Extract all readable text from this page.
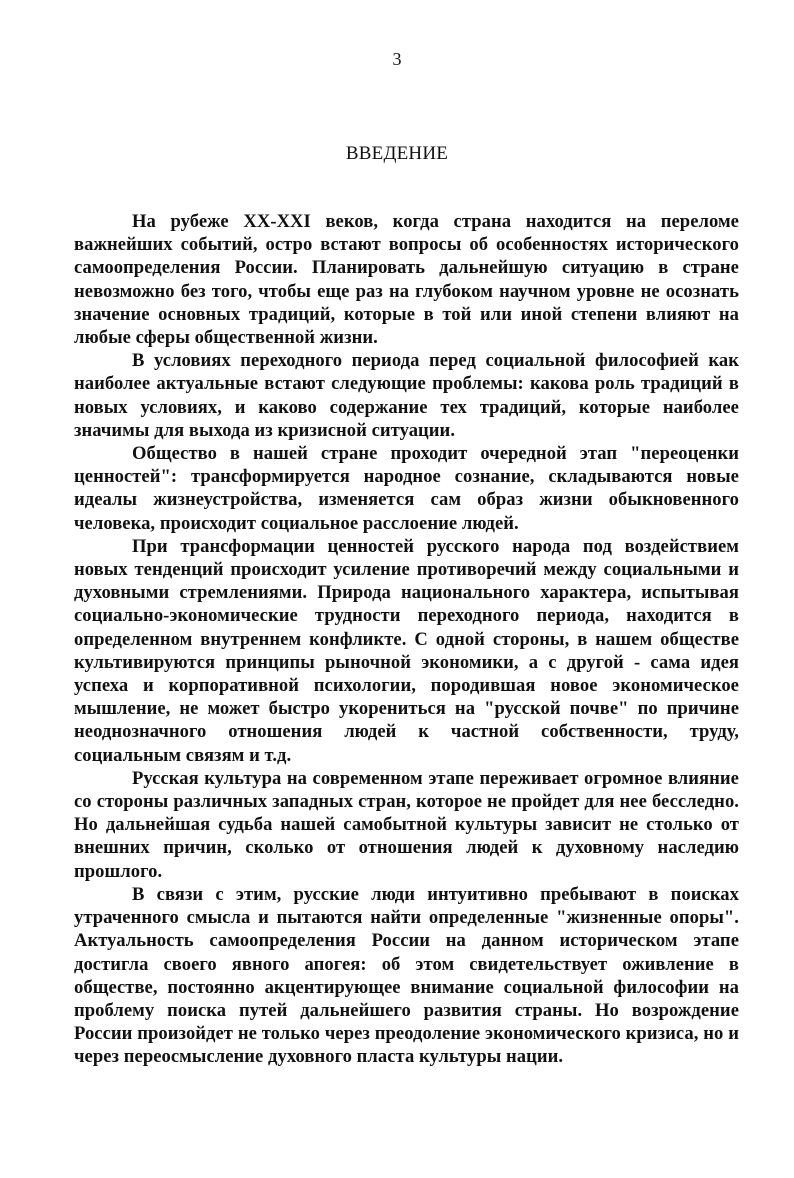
3
ВВЕДЕНИЕ

На рубеже XX-XXI веков, когда страна находится на переломе важнейших событий, остро встают вопросы об особенностях исторического самоопределения России. Планировать дальнейшую ситуацию в стране невозможно без того, чтобы еще раз на глубоком научном уровне не осознать значение основных традиций, которые в той или иной степени влияют на любые сферы общественной жизни.

В условиях переходного периода перед социальной философией как наиболее актуальные встают следующие проблемы: какова роль традиций в новых условиях, и каково содержание тех традиций, которые наиболее значимы для выхода из кризисной ситуации.

Общество в нашей стране проходит очередной этап "переоценки ценностей": трансформируется народное сознание, складываются новые идеалы жизнеустройства, изменяется сам образ жизни обыкновенного человека, происходит социальное расслоение людей.

При трансформации ценностей русского народа под воздействием новых тенденций происходит усиление противоречий между социальными и духовными стремлениями. Природа национального характера, испытывая социально-экономические трудности переходного периода, находится в определенном внутреннем конфликте. С одной стороны, в нашем обществе культивируются принципы рыночной экономики, а с другой - сама идея успеха и корпоративной психологии, породившая новое экономическое мышление, не может быстро укорениться на "русской почве" по причине неоднозначного отношения людей к частной собственности, труду, социальным связям и т.д.

Русская культура на современном этапе переживает огромное влияние со стороны различных западных стран, которое не пройдет для нее бесследно. Но дальнейшая судьба нашей самобытной культуры зависит не столько от внешних причин, сколько от отношения людей к духовному наследию прошлого.

В связи с этим, русские люди интуитивно пребывают в поисках утраченного смысла и пытаются найти определенные "жизненные опоры". Актуальность самоопределения России на данном историческом этапе достигла своего явного апогея: об этом свидетельствует оживление в обществе, постоянно акцентирующее внимание социальной философии на проблему поиска путей дальнейшего развития страны. Но возрождение России произойдет не только через преодоление экономического кризиса, но и через переосмысление духовного пласта культуры нации.
